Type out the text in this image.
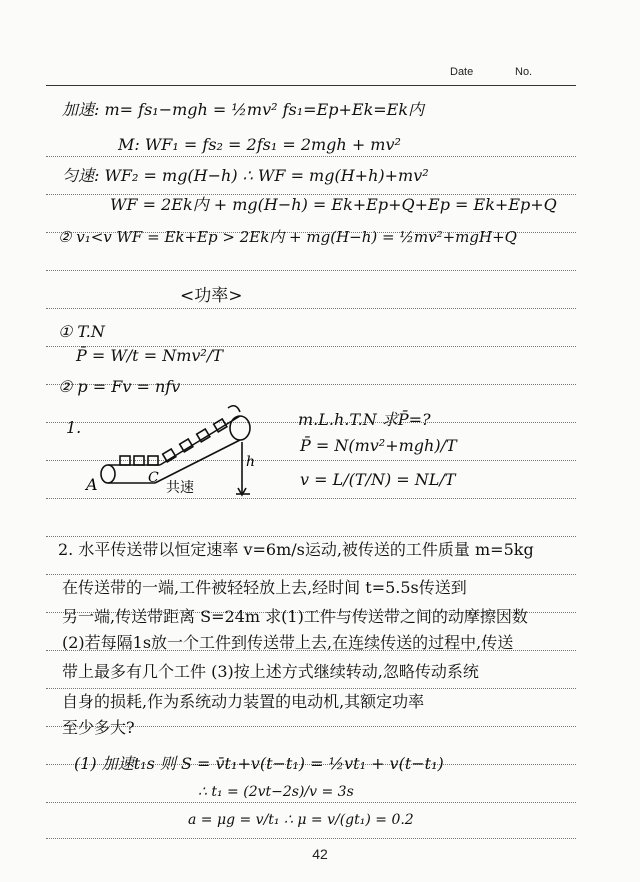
Date	No.
加速: m= fs₁−mgh = ½mv² fs₁=Ep+Ek=Ek内
M: WF₁ = fs₂ = 2fs₁ = 2mgh + mv²
匀速: WF₂ = mg(H−h) ∴ WF = mg(H+h)+mv²
WF = 2Ek内 + mg(H−h) = Ek+Ep+Q+Ep = Ek+Ep+Q
② v₁<v WF = Ek+Ep > 2Ek内 + mg(H−h) = ½mv²+mgH+Q
<功率>
① T.N
P̄ = W/t = Nmv²/T
② p = Fv = nfv
1.	m.L.h.T.N 求P̄=?
P̄ = N(mv²+mgh)/T
v = L/(T/N) = NL/T
A	C
h
共速
2. 水平传送带以恒定速率 v=6m/s运动,被传送的工件质量 m=5kg
在传送带的一端,工件被轻轻放上去,经时间 t=5.5s传送到
另一端,传送带距离 S=24m 求(1)工件与传送带之间的动摩擦因数
(2)若每隔1s放一个工件到传送带上去,在连续传送的过程中,传送
带上最多有几个工件 (3)按上述方式继续转动,忽略传动系统
自身的损耗,作为系统动力装置的电动机,其额定功率
至少多大?
(1) 加速t₁s 则 S = v̄t₁+v(t−t₁) = ½vt₁ + v(t−t₁)
∴ t₁ = (2vt−2s)/v = 3s
a = μg = v/t₁ ∴ μ = v/(gt₁) = 0.2
42
